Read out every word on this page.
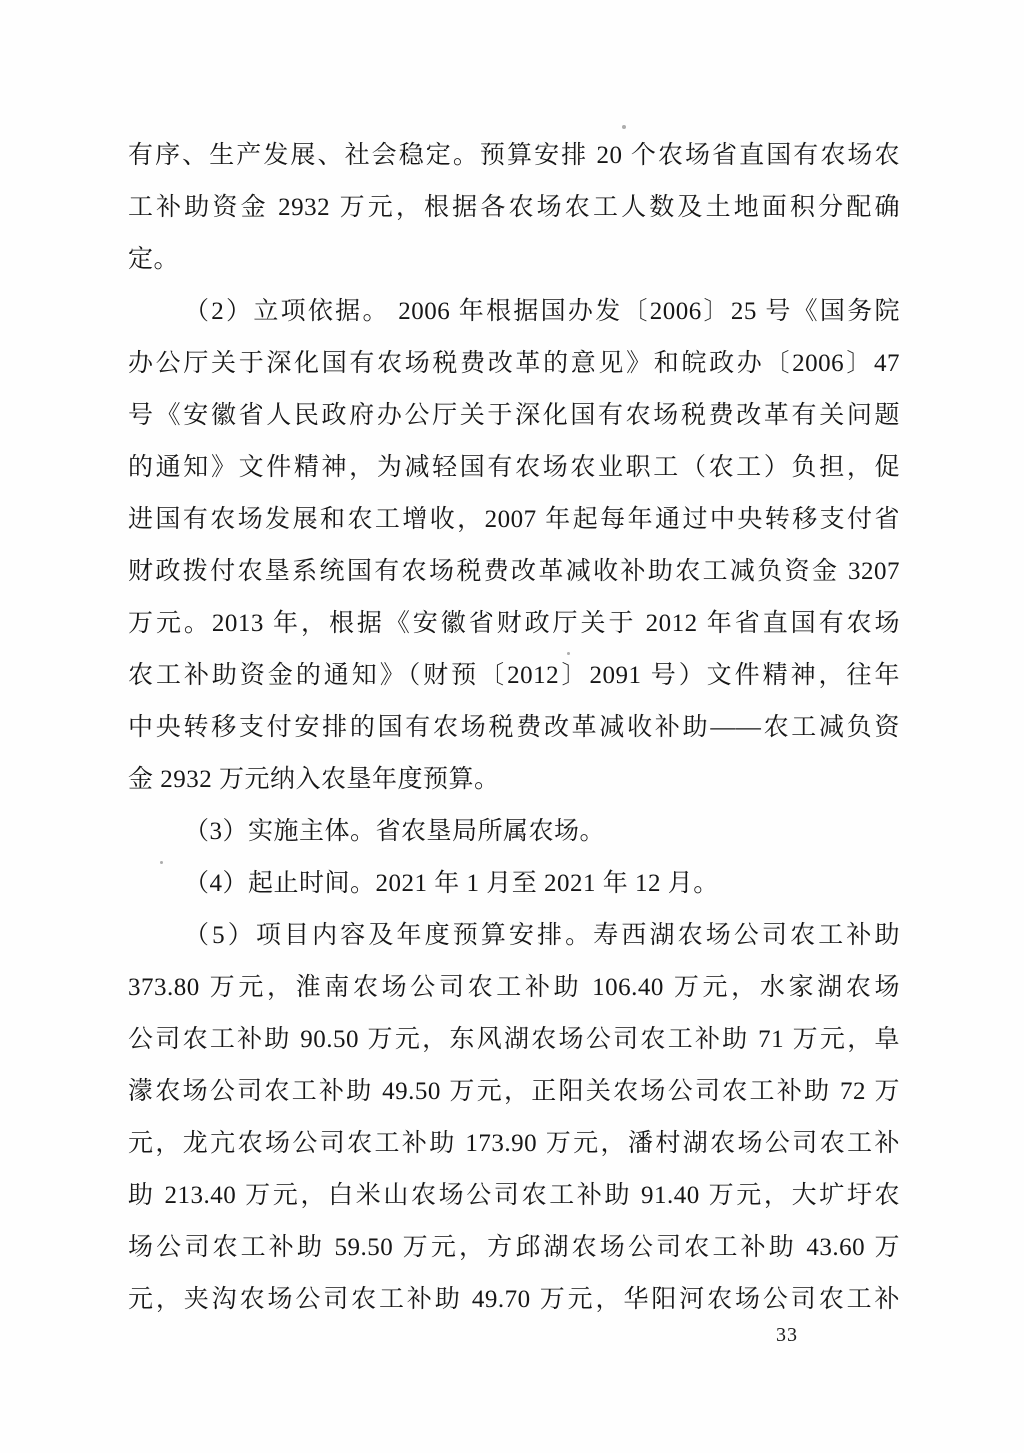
有序、生产发展、社会稳定。预算安排 20 个农场省直国有农场农

工补助资金 2932 万元，根据各农场农工人数及土地面积分配确

定。

（2）立项依据。 2006 年根据国办发〔2006〕25 号《国务院

办公厅关于深化国有农场税费改革的意见》和皖政办〔2006〕47

号《安徽省人民政府办公厅关于深化国有农场税费改革有关问题

的通知》文件精神，为减轻国有农场农业职工（农工）负担，促

进国有农场发展和农工增收，2007 年起每年通过中央转移支付省

财政拨付农垦系统国有农场税费改革减收补助农工减负资金 3207

万元。2013 年，根据《安徽省财政厅关于 2012 年省直国有农场

农工补助资金的通知》（财预〔2012〕2091 号）文件精神，往年

中央转移支付安排的国有农场税费改革减收补助——农工减负资

金 2932 万元纳入农垦年度预算。

（3）实施主体。省农垦局所属农场。

（4）起止时间。2021 年 1 月至 2021 年 12 月。

（5）项目内容及年度预算安排。寿西湖农场公司农工补助

373.80 万元，淮南农场公司农工补助 106.40 万元，水家湖农场

公司农工补助 90.50 万元，东风湖农场公司农工补助 71 万元，阜

濛农场公司农工补助 49.50 万元，正阳关农场公司农工补助 72 万

元，龙亢农场公司农工补助 173.90 万元，潘村湖农场公司农工补

助 213.40 万元，白米山农场公司农工补助 91.40 万元，大圹圩农

场公司农工补助 59.50 万元，方邱湖农场公司农工补助 43.60 万

元，夹沟农场公司农工补助 49.70 万元，华阳河农场公司农工补

33
